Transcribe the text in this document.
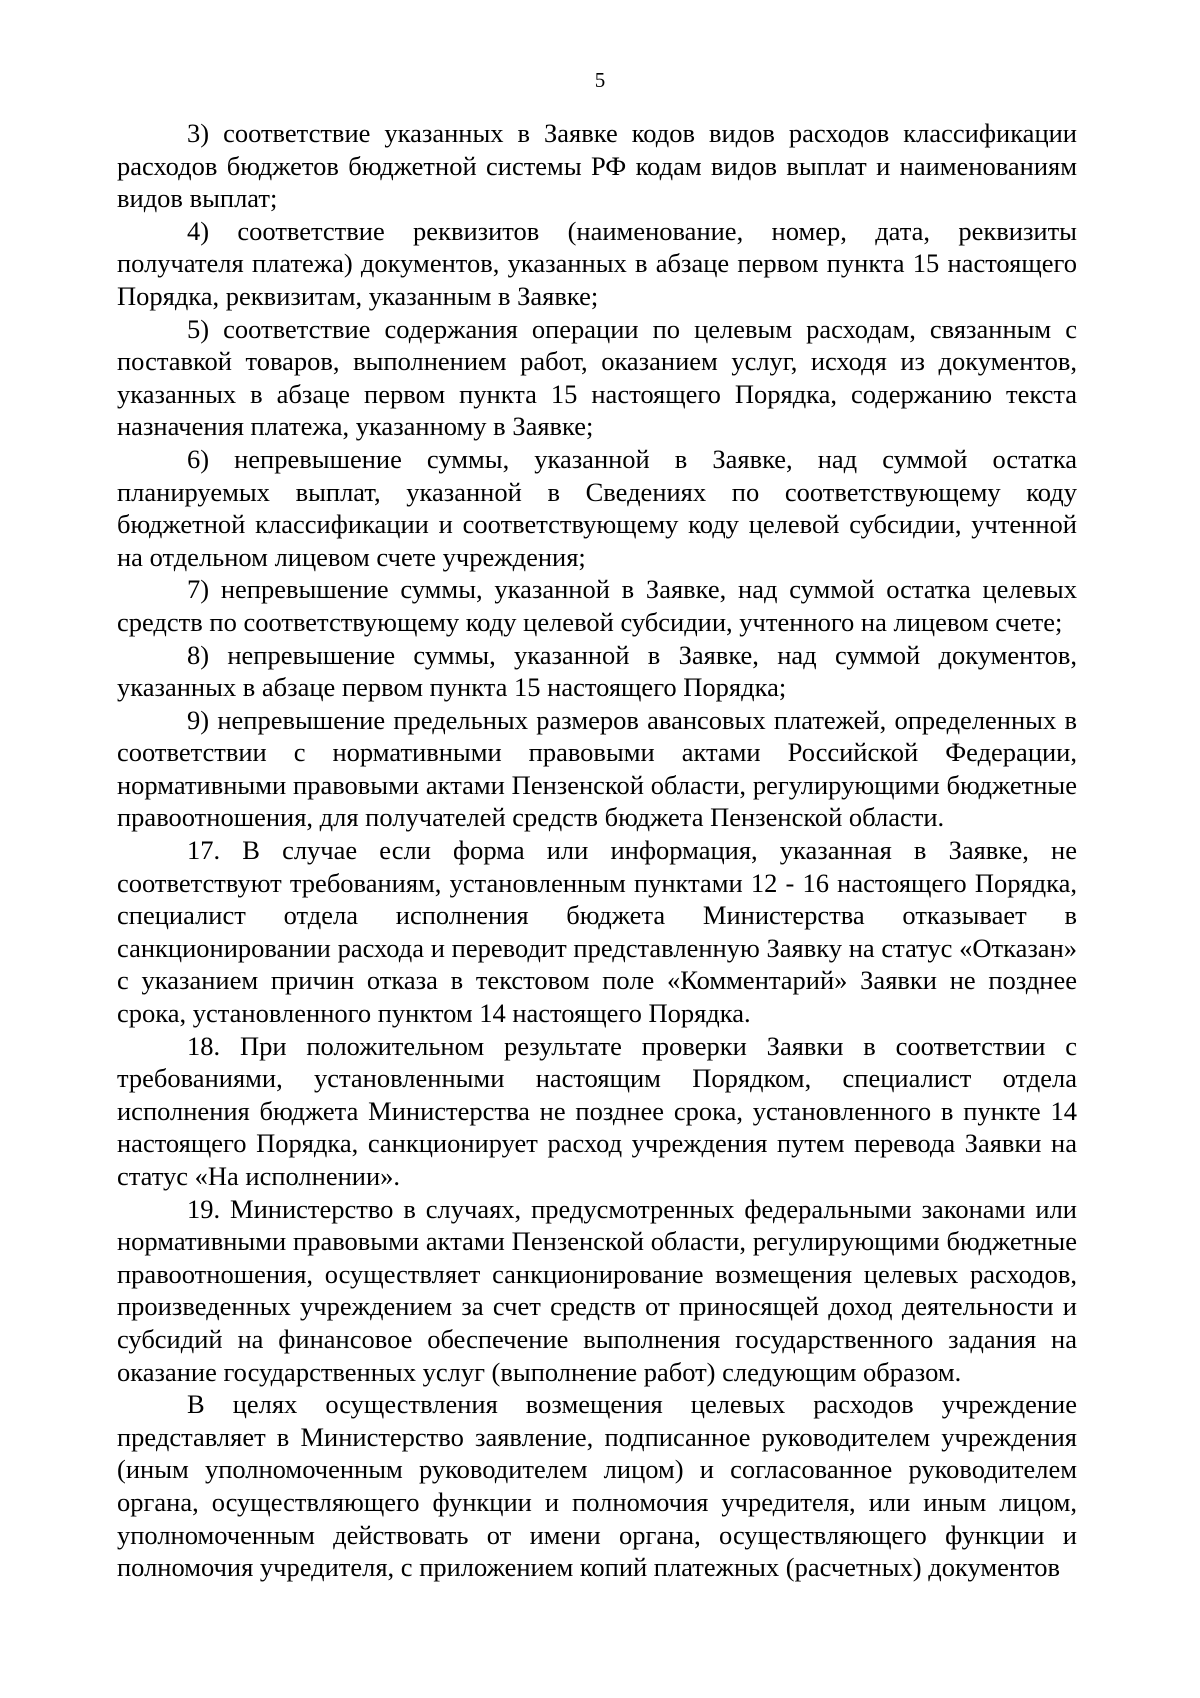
5

3) соответствие указанных в Заявке кодов видов расходов классификации расходов бюджетов бюджетной системы РФ кодам видов выплат и наименованиям видов выплат;

4) соответствие реквизитов (наименование, номер, дата, реквизиты получателя платежа) документов, указанных в абзаце первом пункта 15 настоящего Порядка, реквизитам, указанным в Заявке;

5) соответствие содержания операции по целевым расходам, связанным с поставкой товаров, выполнением работ, оказанием услуг, исходя из документов, указанных в абзаце первом пункта 15 настоящего Порядка, содержанию текста назначения платежа, указанному в Заявке;

6) непревышение суммы, указанной в Заявке, над суммой остатка планируемых выплат, указанной в Сведениях по соответствующему коду бюджетной классификации и соответствующему коду целевой субсидии, учтенной на отдельном лицевом счете учреждения;

7) непревышение суммы, указанной в Заявке, над суммой остатка целевых средств по соответствующему коду целевой субсидии, учтенного на лицевом счете;

8) непревышение суммы, указанной в Заявке, над суммой документов, указанных в абзаце первом пункта 15 настоящего Порядка;

9) непревышение предельных размеров авансовых платежей, определенных в соответствии с нормативными правовыми актами Российской Федерации, нормативными правовыми актами Пензенской области, регулирующими бюджетные правоотношения, для получателей средств бюджета Пензенской области.

17. В случае если форма или информация, указанная в Заявке, не соответствуют требованиям, установленным пунктами 12 - 16 настоящего Порядка, специалист отдела исполнения бюджета Министерства отказывает в санкционировании расхода и переводит представленную Заявку на статус «Отказан» с указанием причин отказа в текстовом поле «Комментарий» Заявки не позднее срока, установленного пунктом 14 настоящего Порядка.

18. При положительном результате проверки Заявки в соответствии с требованиями, установленными настоящим Порядком, специалист отдела исполнения бюджета Министерства не позднее срока, установленного в пункте 14 настоящего Порядка, санкционирует расход учреждения путем перевода Заявки на статус «На исполнении».

19. Министерство в случаях, предусмотренных федеральными законами или нормативными правовыми актами Пензенской области, регулирующими бюджетные правоотношения, осуществляет санкционирование возмещения целевых расходов, произведенных учреждением за счет средств от приносящей доход деятельности и субсидий на финансовое обеспечение выполнения государственного задания на оказание государственных услуг (выполнение работ) следующим образом.

В целях осуществления возмещения целевых расходов учреждение представляет в Министерство заявление, подписанное руководителем учреждения (иным уполномоченным руководителем лицом) и согласованное руководителем органа, осуществляющего функции и полномочия учредителя, или иным лицом, уполномоченным действовать от имени органа, осуществляющего функции и полномочия учредителя, с приложением копий платежных (расчетных) документов
